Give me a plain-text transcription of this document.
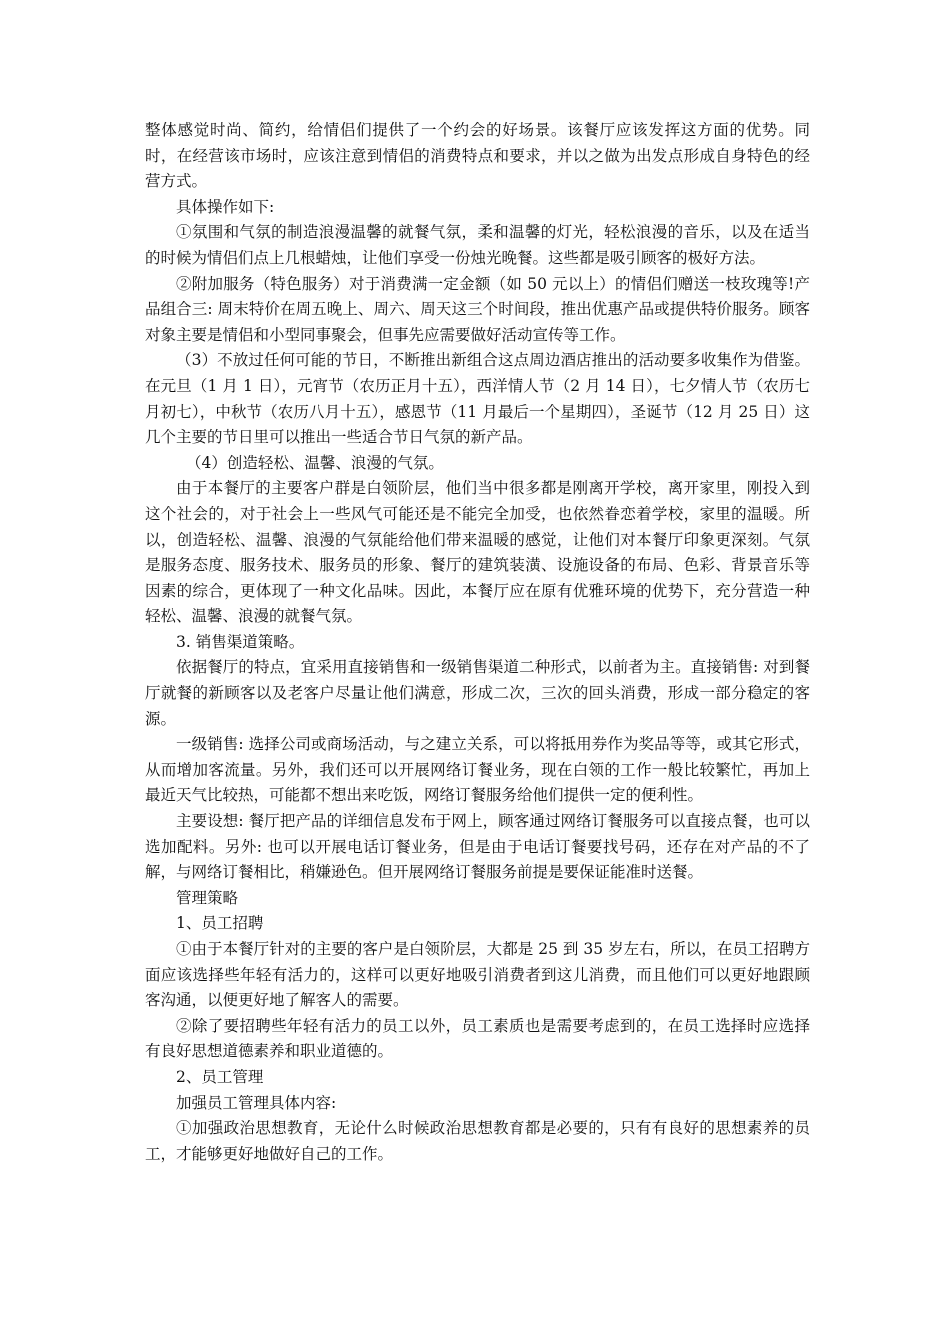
整体感觉时尚、简约，给情侣们提供了一个约会的好场景。该餐厅应该发挥这方面的优势。同时，在经营该市场时，应该注意到情侣的消费特点和要求，并以之做为出发点形成自身特色的经营方式。

具体操作如下:

①氛围和气氛的制造浪漫温馨的就餐气氛，柔和温馨的灯光，轻松浪漫的音乐，以及在适当的时候为情侣们点上几根蜡烛，让他们享受一份烛光晚餐。这些都是吸引顾客的极好方法。

②附加服务（特色服务）对于消费满一定金额（如 50 元以上）的情侣们赠送一枝玫瑰等!产品组合三: 周末特价在周五晚上、周六、周天这三个时间段，推出优惠产品或提供特价服务。顾客对象主要是情侣和小型同事聚会，但事先应需要做好活动宣传等工作。

（3）不放过任何可能的节日，不断推出新组合这点周边酒店推出的活动要多收集作为借鉴。在元旦（1 月 1 日），元宵节（农历正月十五），西洋情人节（2 月 14 日），七夕情人节（农历七月初七），中秋节（农历八月十五），感恩节（11 月最后一个星期四），圣诞节（12 月 25 日）这几个主要的节日里可以推出一些适合节日气氛的新产品。

（4）创造轻松、温馨、浪漫的气氛。

由于本餐厅的主要客户群是白领阶层，他们当中很多都是刚离开学校，离开家里，刚投入到这个社会的，对于社会上一些风气可能还是不能完全加受，也依然眷恋着学校，家里的温暖。所以，创造轻松、温馨、浪漫的气氛能给他们带来温暖的感觉，让他们对本餐厅印象更深刻。气氛是服务态度、服务技术、服务员的形象、餐厅的建筑装潢、设施设备的布局、色彩、背景音乐等因素的综合，更体现了一种文化品味。因此，本餐厅应在原有优雅环境的优势下，充分营造一种轻松、温馨、浪漫的就餐气氛。

3. 销售渠道策略。

依据餐厅的特点，宜采用直接销售和一级销售渠道二种形式，以前者为主。直接销售: 对到餐厅就餐的新顾客以及老客户尽量让他们满意，形成二次，三次的回头消费，形成一部分稳定的客源。

一级销售: 选择公司或商场活动，与之建立关系，可以将抵用券作为奖品等等，或其它形式，从而增加客流量。另外，我们还可以开展网络订餐业务，现在白领的工作一般比较繁忙，再加上最近天气比较热，可能都不想出来吃饭，网络订餐服务给他们提供一定的便利性。

主要设想: 餐厅把产品的详细信息发布于网上，顾客通过网络订餐服务可以直接点餐，也可以选加配料。另外: 也可以开展电话订餐业务，但是由于电话订餐要找号码，还存在对产品的不了解，与网络订餐相比，稍嫌逊色。但开展网络订餐服务前提是要保证能准时送餐。

管理策略

1、员工招聘

①由于本餐厅针对的主要的客户是白领阶层，大都是 25 到 35 岁左右，所以，在员工招聘方面应该选择些年轻有活力的，这样可以更好地吸引消费者到这儿消费，而且他们可以更好地跟顾客沟通，以便更好地了解客人的需要。

②除了要招聘些年轻有活力的员工以外，员工素质也是需要考虑到的，在员工选择时应选择有良好思想道德素养和职业道德的。

2、员工管理

加强员工管理具体内容:

①加强政治思想教育，无论什么时候政治思想教育都是必要的，只有有良好的思想素养的员工，才能够更好地做好自己的工作。
